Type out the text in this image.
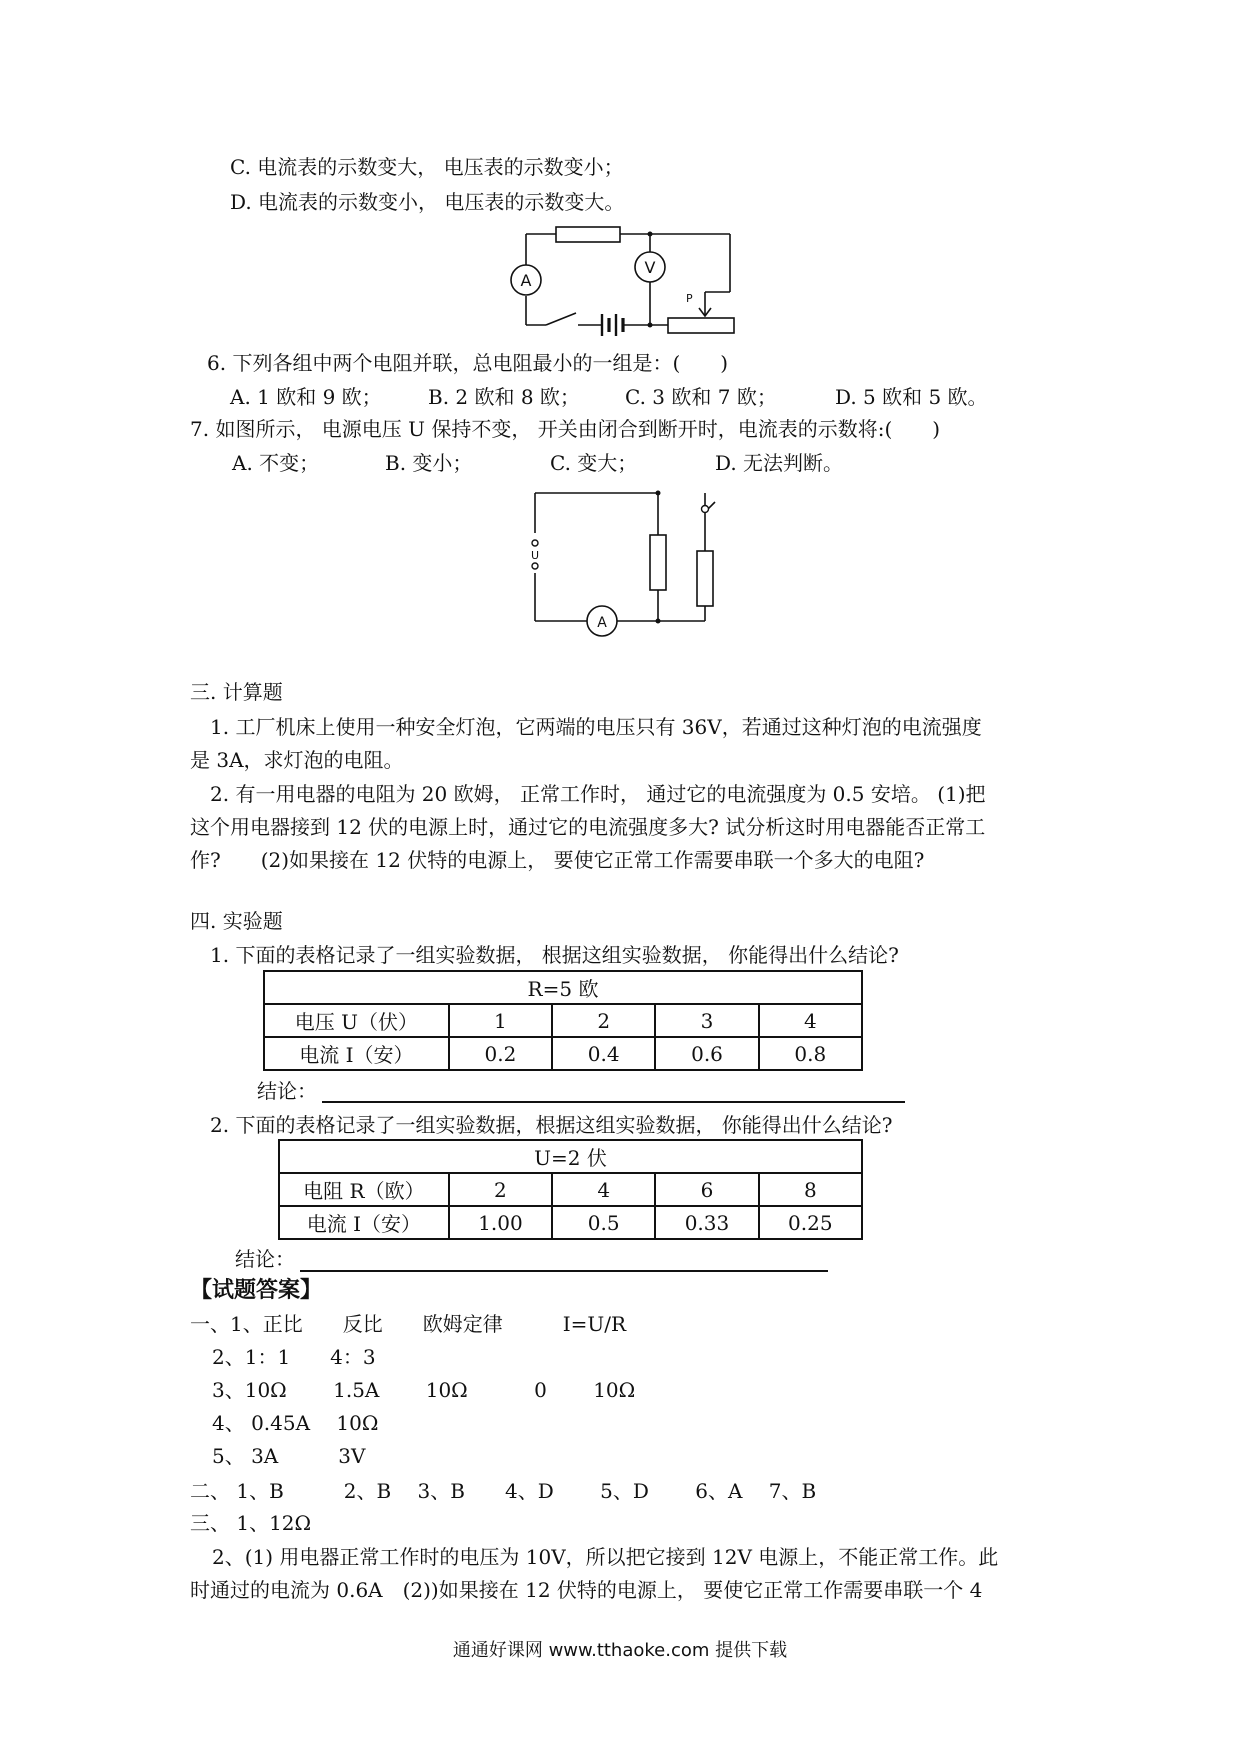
C. 电流表的示数变大， 电压表的示数变小；
D. 电流表的示数变小， 电压表的示数变大。
A
V
P
6. 下列各组中两个电阻并联，总电阻最小的一组是：(　　)
A. 1 欧和 9 欧； B. 2 欧和 8 欧； C. 3 欧和 7 欧；	D. 5 欧和 5 欧。
7. 如图所示， 电源电压 U 保持不变， 开关由闭合到断开时，电流表的示数将:(　　)
A. 不变；	B. 变小；	C. 变大；	D. 无法判断。
U
A
三. 计算题
1. 工厂机床上使用一种安全灯泡，它两端的电压只有 36V，若通过这种灯泡的电流强度
是 3A，求灯泡的电阻。
2. 有一用电器的电阻为 20 欧姆， 正常工作时， 通过它的电流强度为 0.5 安培。 (1)把
这个用电器接到 12 伏的电源上时，通过它的电流强度多大? 试分析这时用电器能否正常工
作?　　(2)如果接在 12 伏特的电源上， 要使它正常工作需要串联一个多大的电阻?
四. 实验题
1. 下面的表格记录了一组实验数据， 根据这组实验数据， 你能得出什么结论?
R=5 欧				
电压 U（伏）	1	2	3	4
电流 I（安）	0.2	0.4	0.6	0.8
结论：
2. 下面的表格记录了一组实验数据，根据这组实验数据， 你能得出什么结论?
U=2 伏				
电阻 R（欧）	2	4	6	8
电流 I（安）	1.00	0.5	0.33	0.25
结论：
【试题答案】
一、1、正比　　反比　　欧姆定律　　　I=U/R
2、1：1　　4：3
3、10Ω　　 1.5A　　 10Ω　　　 0　　 10Ω
4、 0.45A　 10Ω
5、 3A　　　3V
二、 1、B　　　2、B　 3、B　　4、D　　 5、D　　 6、A　 7、B
三、 1、12Ω
2、(1) 用电器正常工作时的电压为 10V，所以把它接到 12V 电源上，不能正常工作。此
时通过的电流为 0.6A　(2))如果接在 12 伏特的电源上， 要使它正常工作需要串联一个 4
通通好课网 www.tthaoke.com 提供下载
